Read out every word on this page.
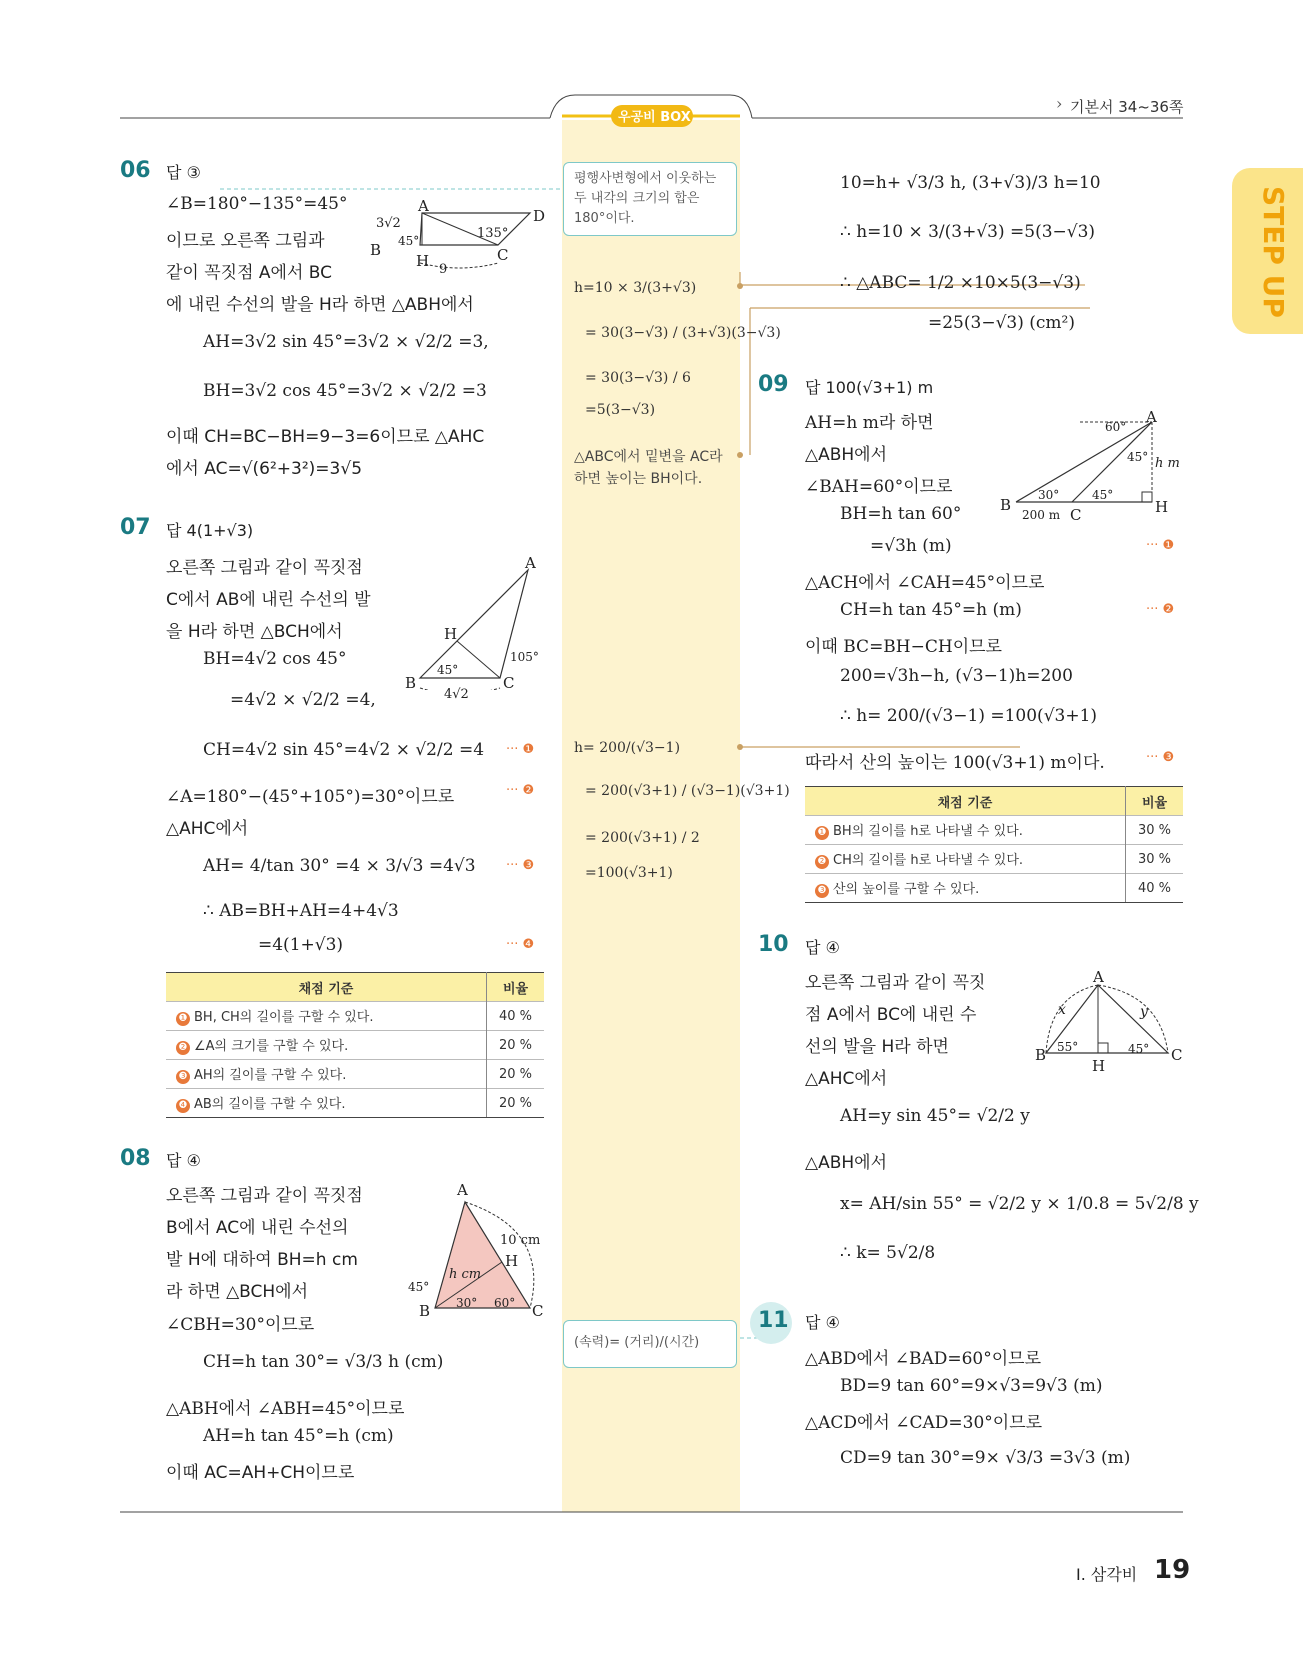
우공비 BOX
기본서 34~36쪽
›
STEP UP
06 답 ③
∠B=180°−135°=45°
이므로 오른쪽 그림과
같이 꼭짓점 A에서 BC
에 내린 수선의 발을 H라 하면 △ABH에서
AH=3√2 sin 45°=3√2 × √2/2 =3,
BH=3√2 cos 45°=3√2 × √2/2 =3
이때 CH=BC−BH=9−3=6이므로 △AHC
에서 AC=√(6²+3²)=3√5
A
D
B
H	C
3√2
45°	135°
9
07 답 4(1+√3)
오른쪽 그림과 같이 꼭짓점
C에서 AB에 내린 수선의 발
을 H라 하면 △BCH에서
BH=4√2 cos 45°
=4√2 × √2/2 =4,
CH=4√2 sin 45°=4√2 × √2/2 =4 ··· ❶
∠A=180°−(45°+105°)=30°이므로	··· ❷
△AHC에서
AH= 4/tan 30° =4 × 3/√3 =4√3 ··· ❸
∴ AB=BH+AH=4+4√3
=4(1+√3)	··· ❹
A
H
B	C
45°
105°
4√2
채점 기준	비율
❶ BH, CH의 길이를 구할 수 있다.	40 %
❷ ∠A의 크기를 구할 수 있다.	20 %
❸ AH의 길이를 구할 수 있다.	20 %
❹ AB의 길이를 구할 수 있다.	20 %
08 답 ④
오른쪽 그림과 같이 꼭짓점
B에서 AC에 내린 수선의
발 H에 대하여 BH=h cm
라 하면 △BCH에서
∠CBH=30°이므로
CH=h tan 30°= √3/3 h (cm)
△ABH에서 ∠ABH=45°이므로
AH=h tan 45°=h (cm)
이때 AC=AH+CH이므로
A
H
B	C
45°
30° 60°
h cm
10 cm
평행사변형에서 이웃하는 두 내각의 크기의 합은 180°이다.
h=10 × 3/(3+√3)
= 30(3−√3) / (3+√3)(3−√3)
= 30(3−√3) / 6
=5(3−√3)
△ABC에서 밑변을 AC라 하면 높이는 BH이다.
h= 200/(√3−1)
= 200(√3+1) / (√3−1)(√3+1)
= 200(√3+1) / 2
=100(√3+1)
(속력)= (거리)/(시간)
10=h+ √3/3 h, (3+√3)/3 h=10
∴ h=10 × 3/(3+√3) =5(3−√3)
∴ △ABC= 1/2 ×10×5(3−√3)
=25(3−√3) (cm²)
09 답 100(√3+1) m
AH=h m라 하면
△ABH에서
∠BAH=60°이므로
BH=h tan 60°
=√3h (m)	··· ❶
△ACH에서 ∠CAH=45°이므로
CH=h tan 45°=h (m)	··· ❷
이때 BC=BH−CH이므로
200=√3h−h, (√3−1)h=200
∴ h= 200/(√3−1) =100(√3+1)
따라서 산의 높이는 100(√3+1) m이다.	··· ❸
A
B
C	H
60°
45°
30°	45°
200 m
h m
채점 기준	비율
❶ BH의 길이를 h로 나타낼 수 있다.	30 %
❷ CH의 길이를 h로 나타낼 수 있다.	30 %
❸ 산의 높이를 구할 수 있다.	40 %
10 답 ④
오른쪽 그림과 같이 꼭짓
점 A에서 BC에 내린 수
선의 발을 H라 하면
△AHC에서
AH=y sin 45°= √2/2 y
△ABH에서
x= AH/sin 55° = √2/2 y × 1/0.8 = 5√2/8 y
∴ k= 5√2/8
A
B	C
H
x	y
55°	45°
11 답 ④
△ABD에서 ∠BAD=60°이므로
BD=9 tan 60°=9×√3=9√3 (m)
△ACD에서 ∠CAD=30°이므로
CD=9 tan 30°=9× √3/3 =3√3 (m)
I. 삼각비 19
